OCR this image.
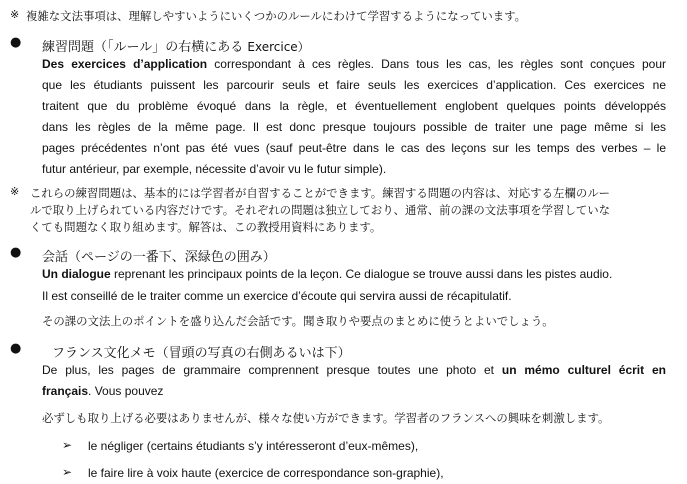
※ 複雑な文法事項は、理解しやすいようにいくつかのルールにわけて学習するようになっています。
● 練習問題（「ルール」の右横にある Exercice）
Des exercices d’application correspondant à ces règles. Dans tous les cas, les règles sont conçues pour
que les étudiants puissent les parcourir seuls et faire seuls les exercices d’application. Ces exercices ne
traitent que du problème évoqué dans la règle, et éventuellement englobent quelques points développés
dans les règles de la même page. Il est donc presque toujours possible de traiter une page même si les
pages précédentes n’ont pas été vues (sauf peut-être dans le cas des leçons sur les temps des verbes – le
futur antérieur, par exemple, nécessite d’avoir vu le futur simple).
※ これらの練習問題は、基本的には学習者が自習することができます。練習する問題の内容は、対応する左欄のルー
ルで取り上げられている内容だけです。それぞれの問題は独立しており、通常、前の課の文法事項を学習していな
くても問題なく取り組めます。解答は、この教授用資料にあります。
● 会話（ページの一番下、深緑色の囲み）
Un dialogue reprenant les principaux points de la leçon. Ce dialogue se trouve aussi dans les pistes audio.
Il est conseillé de le traiter comme un exercice d’écoute qui servira aussi de récapitulatif.
その課の文法上のポイントを盛り込んだ会話です。聞き取りや要点のまとめに使うとよいでしょう。
● フランス文化メモ（冒頭の写真の右側あるいは下）
De plus, les pages de grammaire comprennent presque toutes une photo et un mémo culturel écrit en
français. Vous pouvez
必ずしも取り上げる必要はありませんが、様々な使い方ができます。学習者のフランスへの興味を刺激します。
➢ le négliger (certains étudiants s’y intéresseront d’eux-mêmes),
➢ le faire lire à voix haute (exercice de correspondance son-graphie),
